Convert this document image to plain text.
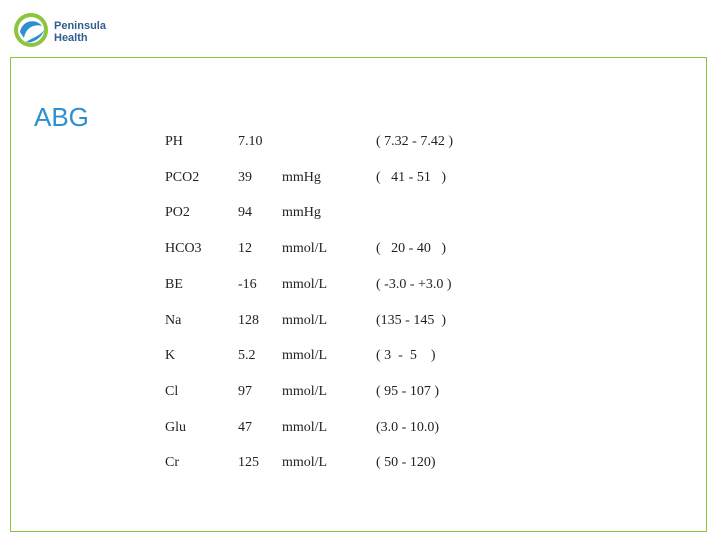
Peninsula
Health
ABG
PH	7.10	( 7.32 - 7.42 )
PCO2	39 mmHg	(   41 - 51   )
PO2	94 mmHg
HCO3	12 mmol/L	(   20 - 40   )
BE	-16 mmol/L	( -3.0 - +3.0 )
Na	128 mmol/L	(135 - 145  )
K	5.2 mmol/L	( 3  -  5    )
Cl	97 mmol/L	( 95 - 107 )
Glu	47 mmol/L	(3.0 - 10.0)
Cr	125 mmol/L	( 50 - 120)
